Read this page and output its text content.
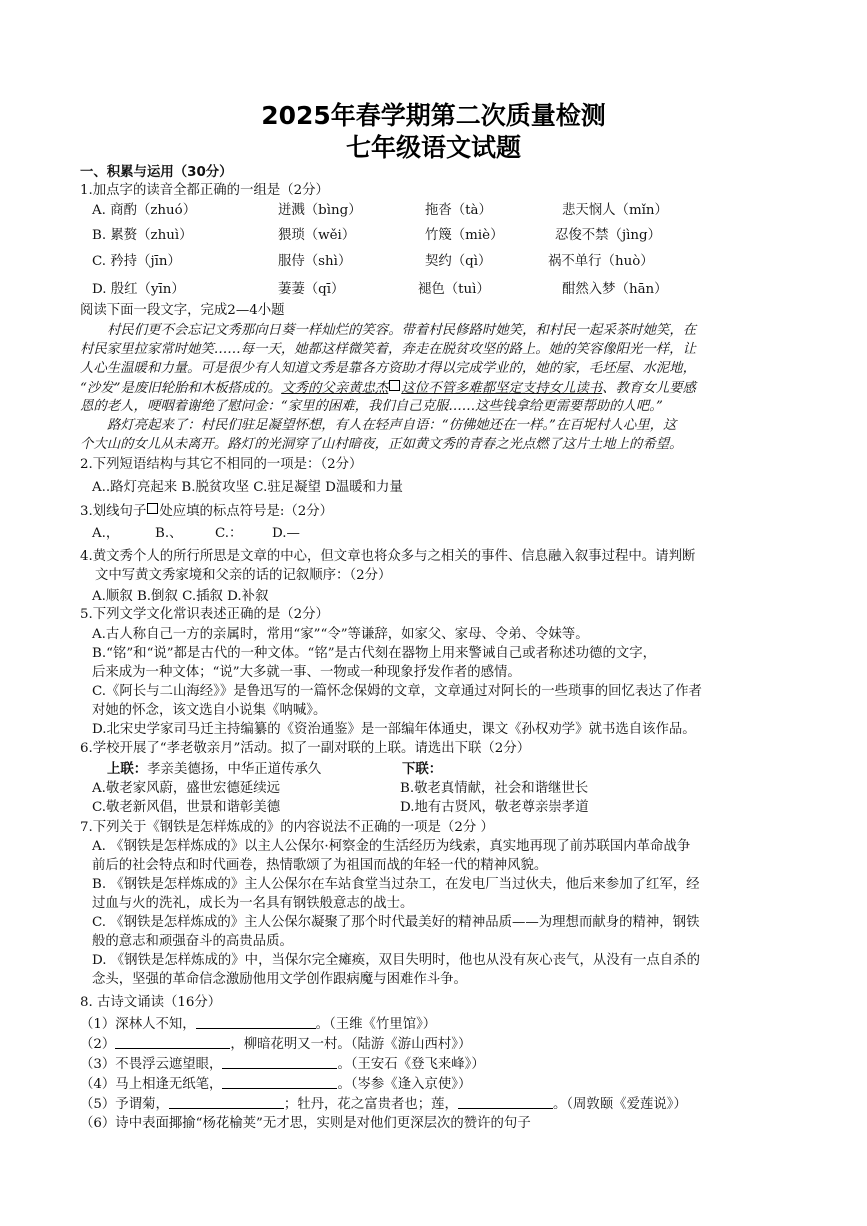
2025年春学期第二次质量检测
七年级语文试题
一、积累与运用（30分）
1.加点字的读音全都正确的一组是（2分）
A. 商酌（zhuó）	迸溅（bìng）	拖沓（tà）	悲天悯人（mǐn）
B. 累赘（zhuì）	猥琐（wěi）	竹篾（miè）	忍俊不禁（jìng）
C. 矜持（jīn）	服侍（shì）	契约（qì）	祸不单行（huò）
D. 殷红（yīn）	萋萋（qī）	褪色（tuì）	酣然入梦（hān）
阅读下面一段文字，完成2—4小题
村民们更不会忘记文秀那向日葵一样灿烂的笑容。带着村民修路时她笑，和村民一起采茶时她笑，在
村民家里拉家常时她笑……每一天，她都这样微笑着，奔走在脱贫攻坚的路上。她的笑容像阳光一样，让
人心生温暖和力量。可是很少有人知道文秀是靠各方资助才得以完成学业的，她的家，毛坯屋、水泥地，
“沙发”是废旧轮胎和木板搭成的。文秀的父亲黄忠杰 这位不管多难都坚定支持女儿读书、教育女儿要感
恩的老人，哽咽着谢绝了慰问金：“家里的困难，我们自己克服……这些钱拿给更需要帮助的人吧。”
路灯亮起来了：村民们驻足凝望怀想，有人在轻声自语：“仿佛她还在一样。”在百坭村人心里，这
个大山的女儿从未离开。路灯的光洞穿了山村暗夜，正如黄文秀的青春之光点燃了这片土地上的希望。
2.下列短语结构与其它不相同的一项是：（2分）
A..路灯亮起来 B.脱贫攻坚 C.驻足凝望 D温暖和力量
3.划线句子 处应填的标点符号是:（2分）
A.，	B.、 C.： D.—
4.黄文秀个人的所行所思是文章的中心，但文章也将众多与之相关的事件、信息融入叙事过程中。请判断
文中写黄文秀家境和父亲的话的记叙顺序：（2分）
A.顺叙 B.倒叙 C.插叙 D.补叙
5.下列文学文化常识表述正确的是（2分）
A.古人称自己一方的亲属时，常用“家”“令”等谦辞，如家父、家母、令弟、令妹等。
B.“铭”和“说”都是古代的一种文体。“铭”是古代刻在器物上用来警诫自己或者称述功德的文字，
后来成为一种文体；“说”大多就一事、一物或一种现象抒发作者的感情。
C.《阿长与二山海经》》是鲁迅写的一篇怀念保姆的文章，文章通过对阿长的一些琐事的回忆表达了作者
对她的怀念，该文选自小说集《呐喊》。
D.北宋史学家司马迁主持编纂的《资治通鉴》是一部编年体通史，课文《孙权劝学》就书选自该作品。
6.学校开展了“孝老敬亲月”活动。拟了一副对联的上联。请选出下联（2分）
上联：孝亲美德扬，中华正道传承久	下联：
A.敬老家风蔚，盛世宏德延续远	B.敬老真情献，社会和谐继世长
C.敬老新风倡，世景和谐彰美德	D.地有古贤风，敬老尊亲崇孝道
7.下列关于《钢铁是怎样炼成的》的内容说法不正确的一项是（2分 ）
A. 《钢铁是怎样炼成的》以主人公保尔·柯察金的生活经历为线索，真实地再现了前苏联国内革命战争
前后的社会特点和时代画卷，热情歌颂了为祖国而战的年轻一代的精神风貌。
B. 《钢铁是怎样炼成的》主人公保尔在车站食堂当过杂工，在发电厂当过伙夫，他后来参加了红军，经
过血与火的洗礼，成长为一名具有钢铁般意志的战士。
C. 《钢铁是怎样炼成的》主人公保尔凝聚了那个时代最美好的精神品质——为理想而献身的精神，钢铁
般的意志和顽强奋斗的高贵品质。
D. 《钢铁是怎样炼成的》中，当保尔完全瘫痪，双目失明时，他也从没有灰心丧气，从没有一点自杀的
念头，坚强的革命信念激励他用文学创作跟病魔与困难作斗争。
8. 古诗文诵读（16分）
（1）深林人不知，	。（王维《竹里馆》）
（2）	，柳暗花明又一村。（陆游《游山西村》）
（3）不畏浮云遮望眼，	。（王安石《登飞来峰》）
（4）马上相逢无纸笔，	。（岑参《逢入京使》）
（5）予谓菊，	；牡丹，花之富贵者也；莲，	。（周敦颐《爱莲说》）
（6）诗中表面揶揄“杨花榆荚”无才思，实则是对他们更深层次的赞许的句子
